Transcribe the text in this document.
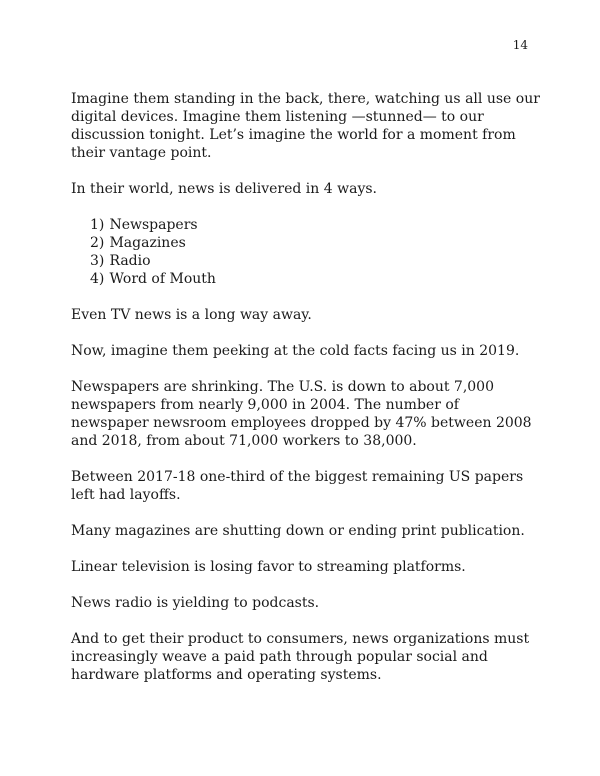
14

Imagine them standing in the back, there, watching us all use our digital devices. Imagine them listening —stunned— to our discussion tonight. Let’s imagine the world for a moment from their vantage point.

In their world, news is delivered in 4 ways.

1) Newspapers
2) Magazines
3) Radio
4) Word of Mouth

Even TV news is a long way away.

Now, imagine them peeking at the cold facts facing us in 2019.

Newspapers are shrinking. The U.S. is down to about 7,000 newspapers from nearly 9,000 in 2004. The number of newspaper newsroom employees dropped by 47% between 2008 and 2018, from about 71,000 workers to 38,000.

Between 2017-18 one-third of the biggest remaining US papers left had layoffs.

Many magazines are shutting down or ending print publication.

Linear television is losing favor to streaming platforms.

News radio is yielding to podcasts.

And to get their product to consumers, news organizations must increasingly weave a paid path through popular social and hardware platforms and operating systems.
